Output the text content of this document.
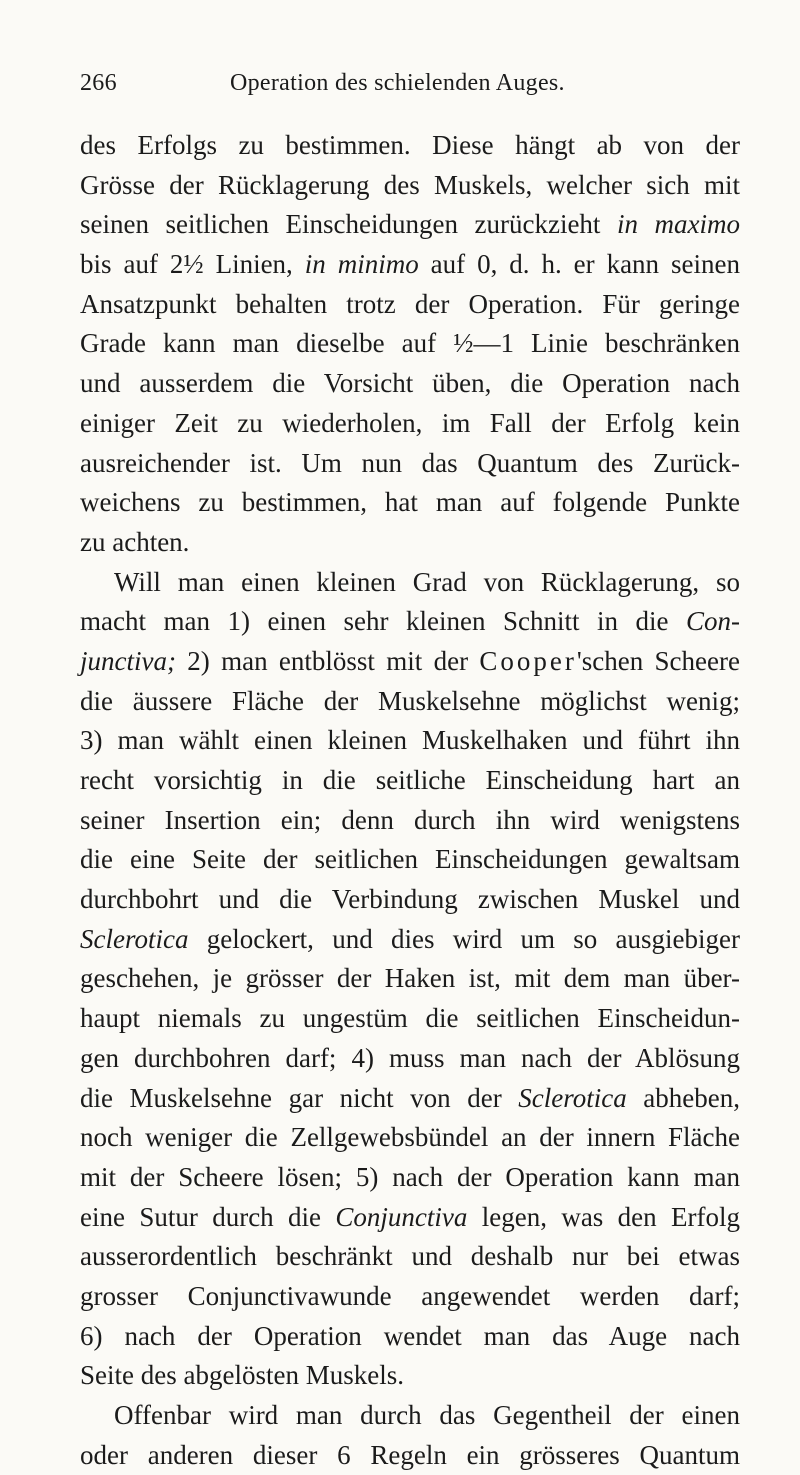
266	Operation des schielenden Auges.
des Erfolgs zu bestimmen. Diese hängt ab von der
Grösse der Rücklagerung des Muskels, welcher sich mit
seinen seitlichen Einscheidungen zurückzieht in maximo
bis auf 2½ Linien, in minimo auf 0, d. h. er kann seinen
Ansatzpunkt behalten trotz der Operation. Für geringe
Grade kann man dieselbe auf ½—1 Linie beschränken
und ausserdem die Vorsicht üben, die Operation nach
einiger Zeit zu wiederholen, im Fall der Erfolg kein
ausreichender ist. Um nun das Quantum des Zurück-
weichens zu bestimmen, hat man auf folgende Punkte
zu achten.
Will man einen kleinen Grad von Rücklagerung, so
macht man 1) einen sehr kleinen Schnitt in die Con-
junctiva; 2) man entblösst mit der Cooper'schen Scheere
die äussere Fläche der Muskelsehne möglichst wenig;
3) man wählt einen kleinen Muskelhaken und führt ihn
recht vorsichtig in die seitliche Einscheidung hart an
seiner Insertion ein; denn durch ihn wird wenigstens
die eine Seite der seitlichen Einscheidungen gewaltsam
durchbohrt und die Verbindung zwischen Muskel und
Sclerotica gelockert, und dies wird um so ausgiebiger
geschehen, je grösser der Haken ist, mit dem man über-
haupt niemals zu ungestüm die seitlichen Einscheidun-
gen durchbohren darf; 4) muss man nach der Ablösung
die Muskelsehne gar nicht von der Sclerotica abheben,
noch weniger die Zellgewebsbündel an der innern Fläche
mit der Scheere lösen; 5) nach der Operation kann man
eine Sutur durch die Conjunctiva legen, was den Erfolg
ausserordentlich beschränkt und deshalb nur bei etwas
grosser Conjunctivawunde angewendet werden darf;
6) nach der Operation wendet man das Auge nach
Seite des abgelösten Muskels.
Offenbar wird man durch das Gegentheil der einen
oder anderen dieser 6 Regeln ein grösseres Quantum
